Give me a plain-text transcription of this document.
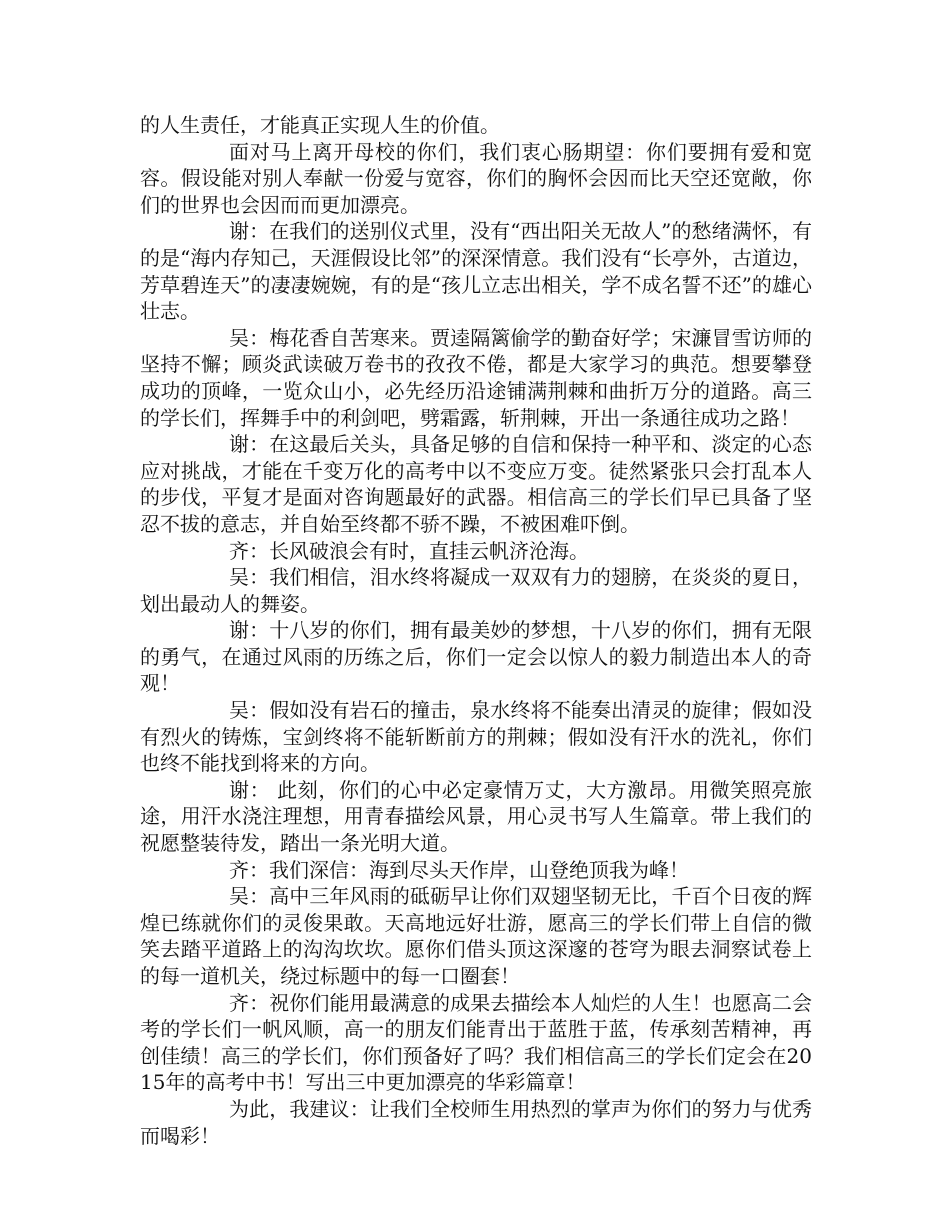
的人生责任，才能真正实现人生的价值。

面对马上离开母校的你们，我们衷心肠期望：你们要拥有爱和宽容。假设能对别人奉献一份爱与宽容，你们的胸怀会因而比天空还宽敞，你们的世界也会因而而更加漂亮。

谢：在我们的送别仪式里，没有“西出阳关无故人”的愁绪满怀，有的是“海内存知己，天涯假设比邻”的深深情意。我们没有“长亭外，古道边，芳草碧连天”的凄凄婉婉，有的是“孩儿立志出相关，学不成名誓不还”的雄心壮志。

吴：梅花香自苦寒来。贾逵隔篱偷学的勤奋好学；宋濂冒雪访师的坚持不懈；顾炎武读破万卷书的孜孜不倦，都是大家学习的典范。想要攀登成功的顶峰，一览众山小，必先经历沿途铺满荆棘和曲折万分的道路。高三的学长们，挥舞手中的利剑吧，劈霜露，斩荆棘，开出一条通往成功之路！

谢：在这最后关头，具备足够的自信和保持一种平和、淡定的心态应对挑战，才能在千变万化的高考中以不变应万变。徒然紧张只会打乱本人的步伐，平复才是面对咨询题最好的武器。相信高三的学长们早已具备了坚忍不拔的意志，并自始至终都不骄不躁，不被困难吓倒。

齐：长风破浪会有时，直挂云帆济沧海。

吴：我们相信，泪水终将凝成一双双有力的翅膀，在炎炎的夏日，划出最动人的舞姿。

谢：十八岁的你们，拥有最美妙的梦想，十八岁的你们，拥有无限的勇气，在通过风雨的历练之后，你们一定会以惊人的毅力制造出本人的奇观！

吴：假如没有岩石的撞击，泉水终将不能奏出清灵的旋律；假如没有烈火的铸炼，宝剑终将不能斩断前方的荆棘；假如没有汗水的洗礼，你们也终不能找到将来的方向。

谢： 此刻，你们的心中必定豪情万丈，大方激昂。用微笑照亮旅途，用汗水浇注理想，用青春描绘风景，用心灵书写人生篇章。带上我们的祝愿整装待发，踏出一条光明大道。

齐：我们深信：海到尽头天作岸，山登绝顶我为峰！

吴：高中三年风雨的砥砺早让你们双翅坚韧无比，千百个日夜的辉煌已练就你们的灵俊果敢。天高地远好壮游，愿高三的学长们带上自信的微笑去踏平道路上的沟沟坎坎。愿你们借头顶这深邃的苍穹为眼去洞察试卷上的每一道机关，绕过标题中的每一口圈套！

齐：祝你们能用最满意的成果去描绘本人灿烂的人生！也愿高二会考的学长们一帆风顺，高一的朋友们能青出于蓝胜于蓝，传承刻苦精神，再创佳绩！高三的学长们，你们预备好了吗？我们相信高三的学长们定会在2015年的高考中书！写出三中更加漂亮的华彩篇章！

为此，我建议：让我们全校师生用热烈的掌声为你们的努力与优秀而喝彩！
